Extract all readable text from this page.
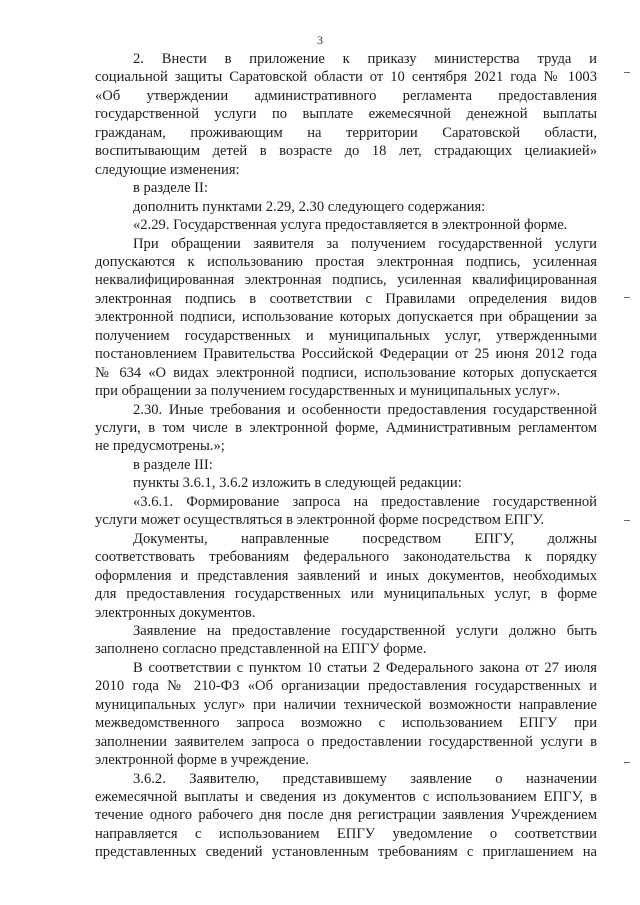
3
2. Внести в приложение к приказу министерства труда и
социальной защиты Саратовской области от 10 сентября 2021 года № 1003
«Об утверждении административного регламента предоставления
государственной услуги по выплате ежемесячной денежной выплаты
гражданам, проживающим на территории Саратовской области,
воспитывающим детей в возрасте до 18 лет, страдающих целиакией»
следующие изменения:
в разделе II:
дополнить пунктами 2.29, 2.30 следующего содержания:
«2.29. Государственная услуга предоставляется в электронной форме.
При обращении заявителя за получением государственной услуги
допускаются к использованию простая электронная подпись, усиленная
неквалифицированная электронная подпись, усиленная квалифицированная
электронная подпись в соответствии с Правилами определения видов
электронной подписи, использование которых допускается при обращении за
получением государственных и муниципальных услуг, утвержденными
постановлением Правительства Российской Федерации от 25 июня 2012 года
№ 634 «О видах электронной подписи, использование которых допускается
при обращении за получением государственных и муниципальных услуг».
2.30. Иные требования и особенности предоставления государственной
услуги, в том числе в электронной форме, Административным регламентом
не предусмотрены.»;
в разделе III:
пункты 3.6.1, 3.6.2 изложить в следующей редакции:
«3.6.1. Формирование запроса на предоставление государственной
услуги может осуществляться в электронной форме посредством ЕПГУ.
Документы, направленные посредством ЕПГУ, должны
соответствовать требованиям федерального законодательства к порядку
оформления и представления заявлений и иных документов, необходимых
для предоставления государственных или муниципальных услуг, в форме
электронных документов.
Заявление на предоставление государственной услуги должно быть
заполнено согласно представленной на ЕПГУ форме.
В соответствии с пунктом 10 статьи 2 Федерального закона от 27 июля
2010 года № 210-ФЗ «Об организации предоставления государственных и
муниципальных услуг» при наличии технической возможности направление
межведомственного запроса возможно с использованием ЕПГУ при
заполнении заявителем запроса о предоставлении государственной услуги в
электронной форме в учреждение.
3.6.2. Заявителю, представившему заявление о назначении
ежемесячной выплаты и сведения из документов с использованием ЕПГУ, в
течение одного рабочего дня после дня регистрации заявления Учреждением
направляется с использованием ЕПГУ уведомление о соответствии
представленных сведений установленным требованиям с приглашением на
